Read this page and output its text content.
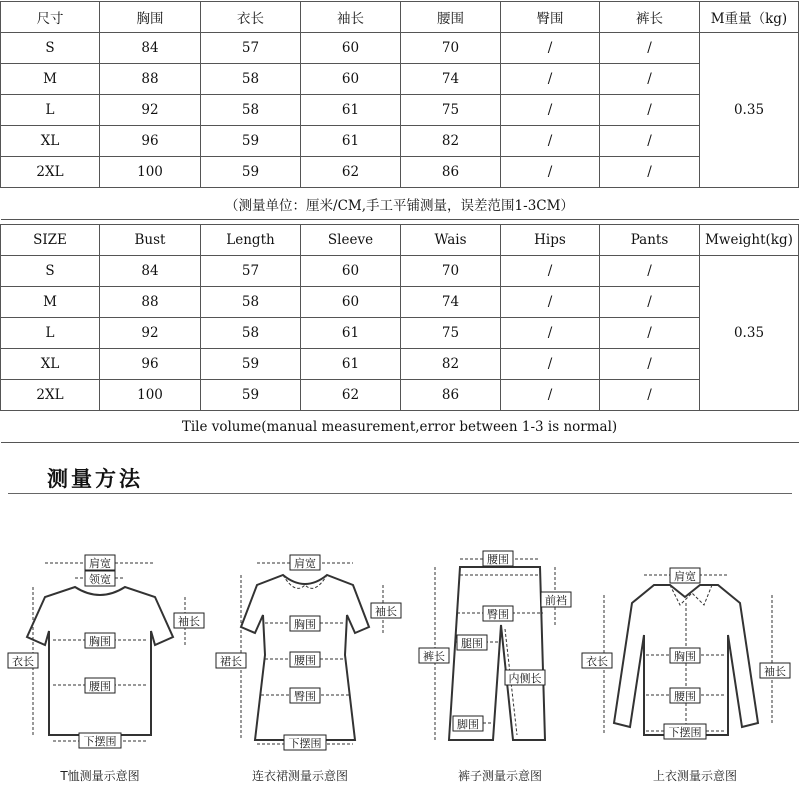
尺寸	胸围	衣长	袖长	腰围	臀围	裤长	M重量（kg)
S	84	57	60	70	/	/	0.35
M	88	58	60	74	/	/	
L	92	58	61	75	/	/	
XL	96	59	61	82	/	/	
2XL	100	59	62	86	/	/	
（测量单位：厘米/CM,手工平铺测量，误差范围1-3CM）							
SIZE	Bust	Length	Sleeve	Wais	Hips	Pants	Mweight(kg)
S	84	57	60	70	/	/	0.35
M	88	58	60	74	/	/	
L	92	58	61	75	/	/	
XL	96	59	61	82	/	/	
2XL	100	59	62	86	/	/	
Tile volume(manual measurement,error between 1-3 is normal)							
测量方法
肩宽
领宽
袖长
衣长
胸围
腰围
下摆围
T恤测量示意图
肩宽
袖长
裙长
胸围
腰围
臀围
下摆围
连衣裙测量示意图
腰围
前裆
臀围
腿围
裤长
内侧长
脚围
裤子测量示意图
肩宽
衣长
袖长
胸围
腰围
下摆围
上衣测量示意图
